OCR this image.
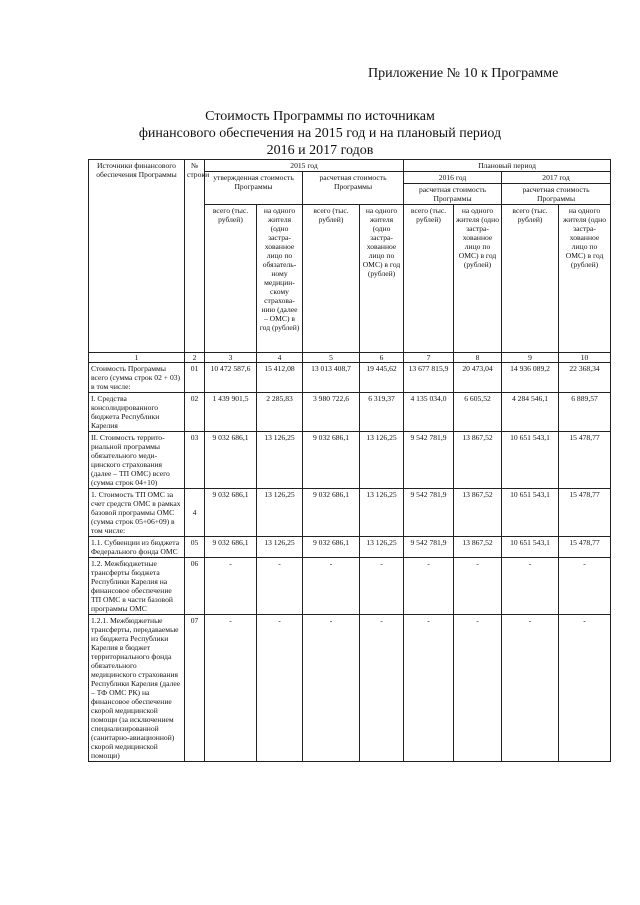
Приложение № 10 к Программе
Стоимость Программы по источникам
финансового обеспечения на 2015 год и на плановый период
2016 и 2017 годов
Источники финансового обеспечения Программы	№ строки	2015 год				Плановый период			
		утвержденная стоимость Программы		расчетная стоимость Программы		2016 год		2017 год	
						расчетная стоимость Программы		расчетная стоимость Программы	
		всего (тыс. рублей)	на одного жителя (одно застра-хованное лицо по обязатель-ному медицин-скому страхова-нию (далее – ОМС) в год (рублей)	всего (тыс. рублей)	на одного жителя (одно застра-хованное лицо по ОМС) в год (рублей)	всего (тыс. рублей)	на одного жителя (одно застра-хованное лицо по ОМС) в год (рублей)	всего (тыс. рублей)	на одного жителя (одно застра-хованное лицо по ОМС) в год (рублей)
1	2	3	4	5	6	7	8	9	10
Стоимость Программы всего (сумма строк 02 + 03) в том числе:	01	10 472 587,6	15 412,08	13 013 408,7	19 445,62	13 677 815,9	20 473,04	14 936 089,2	22 368,34
I. Средства консолидированного бюджета Республики Карелия	02	1 439 901,5	2 285,83	3 980 722,6	6 319,37	4 135 034,0	6 605,52	4 284 546,1	6 889,57
II. Стоимость террито-риальной программы обязательного меди-цинского страхования (далее – ТП ОМС) всего (сумма строк 04+10)	03	9 032 686,1	13 126,25	9 032 686,1	13 126,25	9 542 781,9	13 867,52	10 651 543,1	15 478,77
1. Стоимость ТП ОМС за счет средств ОМС в рамках базовой программы ОМС (сумма строк 05+06+09) в том числе:	4	9 032 686,1	13 126,25	9 032 686,1	13 126,25	9 542 781,9	13 867,52	10 651 543,1	15 478,77
1.1. Субвенции из бюджета Федерального фонда ОМС	05	9 032 686,1	13 126,25	9 032 686,1	13 126,25	9 542 781,9	13 867,52	10 651 543,1	15 478,77
1.2. Межбюджетные трансферты бюджета Республики Карелия на финансовое обеспечение ТП ОМС в части базовой программы ОМС	06	-	-	-	-	-	-	-	-
1.2.1. Межбюджетные трансферты, передаваемые из бюджета Республики Карелия в бюджет территориального фонда обязательного медицинского страхования Республики Карелия (далее – ТФ ОМС РК) на финансовое обеспечение скорой медицинской помощи (за исключением специализированной (санитарно-авиационной) скорой медицинской помощи)	07	-	-	-	-	-	-	-	-
